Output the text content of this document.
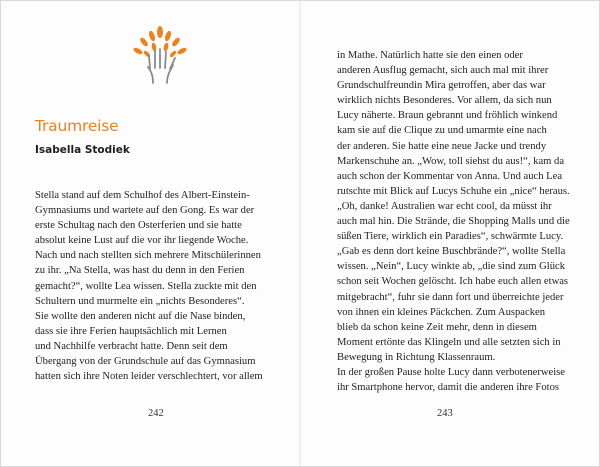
Traumreise
Isabella Stodiek
Stella stand auf dem Schulhof des Albert-Einstein-
Gymnasiums und wartete auf den Gong. Es war der
erste Schultag nach den Osterferien und sie hatte
absolut keine Lust auf die vor ihr liegende Woche.
Nach und nach stellten sich mehrere Mitschülerinnen
zu ihr. „Na Stella, was hast du denn in den Ferien
gemacht?“, wollte Lea wissen. Stella zuckte mit den
Schultern und murmelte ein „nichts Besonderes“.
Sie wollte den anderen nicht auf die Nase binden,
dass sie ihre Ferien hauptsächlich mit Lernen
und Nachhilfe verbracht hatte. Denn seit dem
Übergang von der Grundschule auf das Gymnasium
hatten sich ihre Noten leider verschlechtert, vor allem
242
in Mathe. Natürlich hatte sie den einen oder
anderen Ausflug gemacht, sich auch mal mit ihrer
Grundschulfreundin Mira getroffen, aber das war
wirklich nichts Besonderes. Vor allem, da sich nun
Lucy näherte. Braun gebrannt und fröhlich winkend
kam sie auf die Clique zu und umarmte eine nach
der anderen. Sie hatte eine neue Jacke und trendy
Markenschuhe an. „Wow, toll siehst du aus!“, kam da
auch schon der Kommentar von Anna. Und auch Lea
rutschte mit Blick auf Lucys Schuhe ein „nice“ heraus.
„Oh, danke! Australien war echt cool, da müsst ihr
auch mal hin. Die Strände, die Shopping Malls und die
süßen Tiere, wirklich ein Paradies“, schwärmte Lucy.
„Gab es denn dort keine Buschbrände?“, wollte Stella
wissen. „Nein“, Lucy winkte ab, „die sind zum Glück
schon seit Wochen gelöscht. Ich habe euch allen etwas
mitgebracht“, fuhr sie dann fort und überreichte jeder
von ihnen ein kleines Päckchen. Zum Auspacken
blieb da schon keine Zeit mehr, denn in diesem
Moment ertönte das Klingeln und alle setzten sich in
Bewegung in Richtung Klassenraum.
In der großen Pause holte Lucy dann verbotenerweise
ihr Smartphone hervor, damit die anderen ihre Fotos
243
